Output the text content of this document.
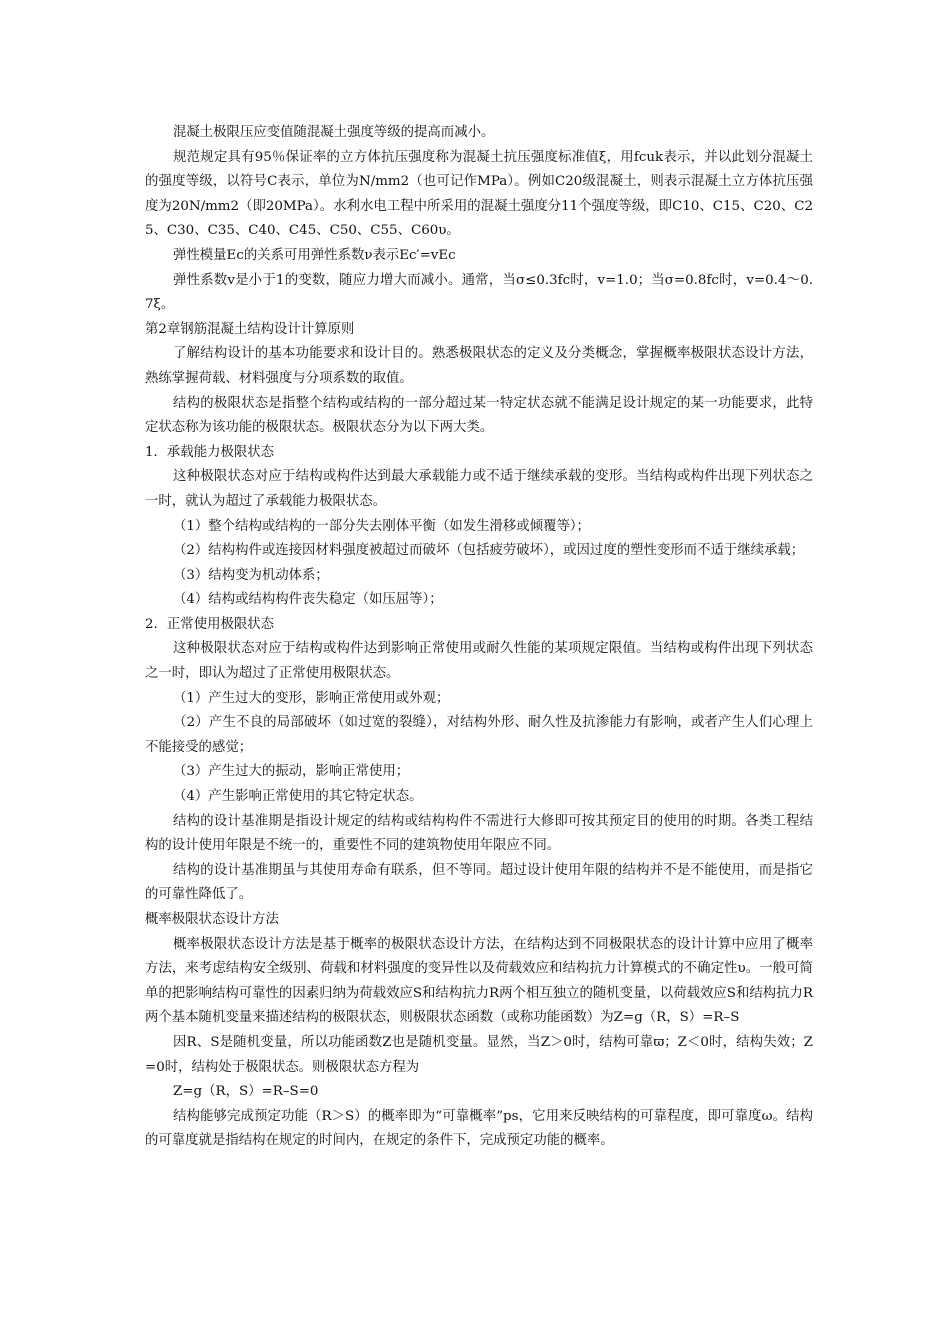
混凝土极限压应变值随混凝土强度等级的提高而减小。

规范规定具有95％保证率的立方体抗压强度称为混凝土抗压强度标准值ξ，用fcuk表示，并以此划分混凝土的强度等级，以符号C表示，单位为N/mm2（也可记作MPa）。例如C20级混凝土，则表示混凝土立方体抗压强度为20N/mm2（即20MPa）。水利水电工程中所采用的混凝土强度分11个强度等级，即C10、C15、C20、C25、C30、C35、C40、C45、C50、C55、C60υ。

弹性模量Ec的关系可用弹性系数ν表示Ec′=vEc

弹性系数v是小于1的变数，随应力增大而减小。通常，当σ≤0.3fc时，v=1.0；当σ=0.8fc时，v=0.4～0.7ξ。

第2章钢筋混凝土结构设计计算原则

了解结构设计的基本功能要求和设计目的。熟悉极限状态的定义及分类概念，掌握概率极限状态设计方法，熟练掌握荷载、材料强度与分项系数的取值。

结构的极限状态是指整个结构或结构的一部分超过某一特定状态就不能满足设计规定的某一功能要求，此特定状态称为该功能的极限状态。极限状态分为以下两大类。

1．承载能力极限状态

这种极限状态对应于结构或构件达到最大承载能力或不适于继续承载的变形。当结构或构件出现下列状态之一时，就认为超过了承载能力极限状态。

（1）整个结构或结构的一部分失去刚体平衡（如发生滑移或倾覆等）；

（2）结构构件或连接因材料强度被超过而破坏（包括疲劳破坏），或因过度的塑性变形而不适于继续承载；

（3）结构变为机动体系；

（4）结构或结构构件丧失稳定（如压屈等）；

2．正常使用极限状态

这种极限状态对应于结构或构件达到影响正常使用或耐久性能的某项规定限值。当结构或构件出现下列状态之一时，即认为超过了正常使用极限状态。

（1）产生过大的变形，影响正常使用或外观；

（2）产生不良的局部破坏（如过宽的裂缝），对结构外形、耐久性及抗渗能力有影响，或者产生人们心理上不能接受的感觉；

（3）产生过大的振动，影响正常使用；

（4）产生影响正常使用的其它特定状态。

结构的设计基准期是指设计规定的结构或结构构件不需进行大修即可按其预定目的使用的时期。各类工程结构的设计使用年限是不统一的，重要性不同的建筑物使用年限应不同。

结构的设计基准期虽与其使用寿命有联系，但不等同。超过设计使用年限的结构并不是不能使用，而是指它的可靠性降低了。

概率极限状态设计方法

概率极限状态设计方法是基于概率的极限状态设计方法，在结构达到不同极限状态的设计计算中应用了概率方法，来考虑结构安全级别、荷载和材料强度的变异性以及荷载效应和结构抗力计算模式的不确定性υ。一般可简单的把影响结构可靠性的因素归纳为荷载效应S和结构抗力R两个相互独立的随机变量，以荷载效应S和结构抗力R两个基本随机变量来描述结构的极限状态，则极限状态函数（或称功能函数）为Z=g（R，S）=R–S

因R、S是随机变量，所以功能函数Z也是随机变量。显然，当Z＞0时，结构可靠ϖ；Z＜0时，结构失效；Z=0时，结构处于极限状态。则极限状态方程为

Z=g（R，S）=R–S=0

结构能够完成预定功能（R＞S）的概率即为“可靠概率”ps，它用来反映结构的可靠程度，即可靠度ω。结构的可靠度就是指结构在规定的时间内，在规定的条件下，完成预定功能的概率。
